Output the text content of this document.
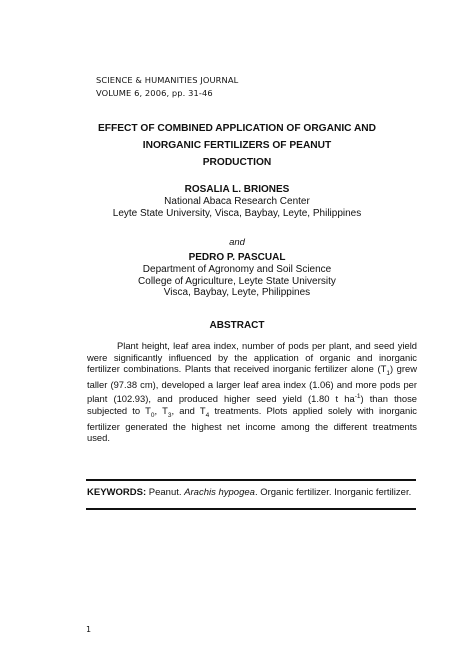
SCIENCE & HUMANITIES JOURNAL
VOLUME 6, 2006, pp. 31-46
EFFECT OF COMBINED APPLICATION OF ORGANIC AND
INORGANIC FERTILIZERS OF PEANUT
PRODUCTION
ROSALIA L. BRIONES
National Abaca Research Center
Leyte State University, Visca, Baybay, Leyte, Philippines
and
PEDRO P. PASCUAL
Department of Agronomy and Soil Science
College of Agriculture, Leyte State University
Visca, Baybay, Leyte, Philippines
ABSTRACT
Plant height, leaf area index, number of pods per plant, and seed yield
were significantly influenced by the application of organic and inorganic
fertilizer combinations. Plants that received inorganic fertilizer alone $(T_1)$ grew
taller (97.38 cm), developed a larger leaf area index (1.06) and more pods per
plant (102.93), and produced higher seed yield (1.80 t $ha^{-1}$) than those
subjected to $T_0$, $T_3$, and $T_4$ treatments. Plots applied solely with inorganic
fertilizer generated the highest net income among the different treatments
used.
KEYWORDS: Peanut. Arachis hypogea. Organic fertilizer. Inorganic fertilizer.
1
